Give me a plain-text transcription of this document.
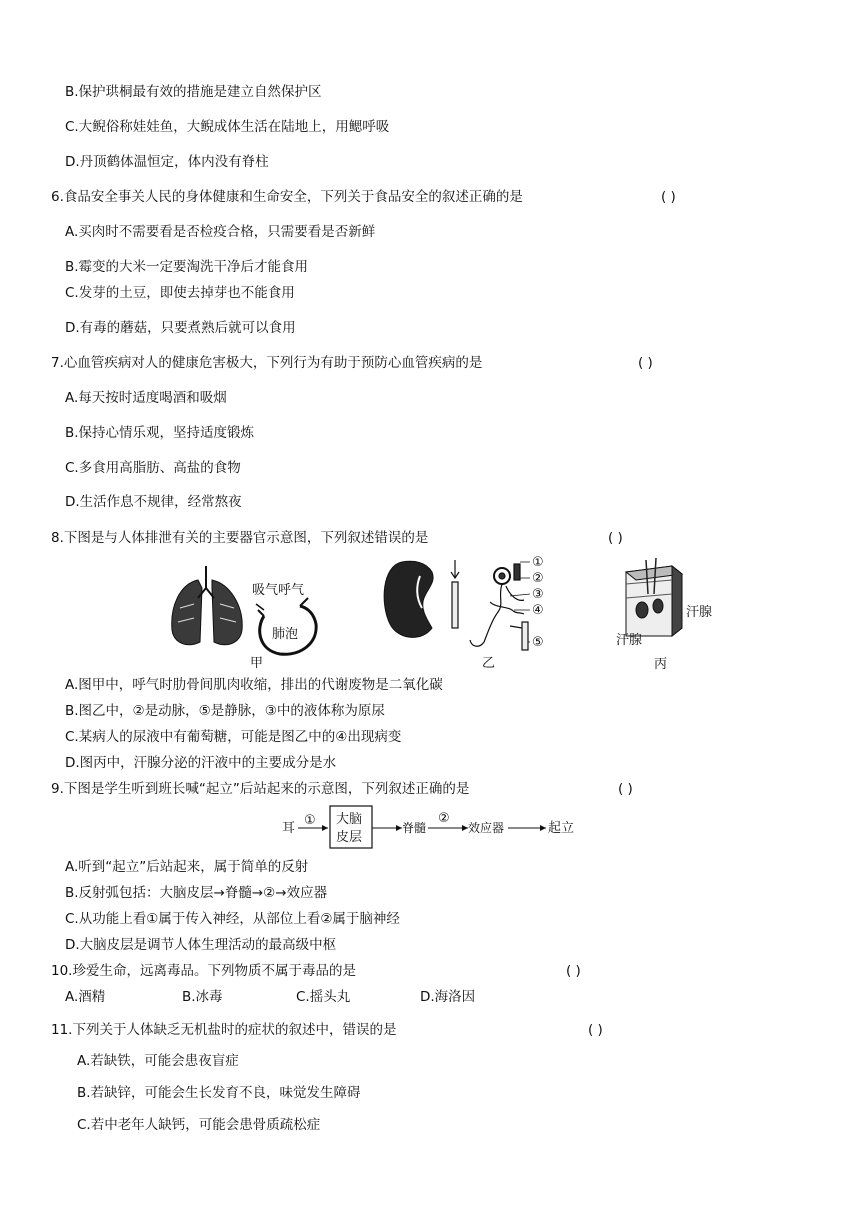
B.保护珙桐最有效的措施是建立自然保护区
C.大鲵俗称娃娃鱼，大鲵成体生活在陆地上，用鳃呼吸
D.丹顶鹤体温恒定，体内没有脊柱
6.食品安全事关人民的身体健康和生命安全，下列关于食品安全的叙述正确的是	( )
A.买肉时不需要看是否检疫合格，只需要看是否新鲜
B.霉变的大米一定要淘洗干净后才能食用
C.发芽的土豆，即使去掉芽也不能食用
D.有毒的蘑菇，只要煮熟后就可以食用
7.心血管疾病对人的健康危害极大，下列行为有助于预防心血管疾病的是	( )
A.每天按时适度喝酒和吸烟
B.保持心情乐观，坚持适度锻炼
C.多食用高脂肪、高盐的食物
D.生活作息不规律，经常熬夜
8.下图是与人体排泄有关的主要器官示意图，下列叙述错误的是	( )
吸气呼气
肺泡
甲
①
②
③
④
⑤
乙
汗腺
汗腺
丙
A.图甲中，呼气时肋骨间肌肉收缩，排出的代谢废物是二氧化碳
B.图乙中，②是动脉，⑤是静脉，③中的液体称为原尿
C.某病人的尿液中有葡萄糖，可能是图乙中的④出现病变
D.图丙中，汗腺分泌的汗液中的主要成分是水
9.下图是学生听到班长喊“起立”后站起来的示意图，下列叙述正确的是	( )
耳
① 大脑
皮层
脊髓
②
效应器	起立
A.听到“起立”后站起来，属于简单的反射
B.反射弧包括：大脑皮层→脊髓→②→效应器
C.从功能上看①属于传入神经，从部位上看②属于脑神经
D.大脑皮层是调节人体生理活动的最高级中枢
10.珍爱生命，远离毒品。下列物质不属于毒品的是	( )
A.酒精	B.冰毒	C.摇头丸	D.海洛因
11.下列关于人体缺乏无机盐时的症状的叙述中，错误的是	( )
A.若缺铁，可能会患夜盲症
B.若缺锌，可能会生长发育不良，味觉发生障碍
C.若中老年人缺钙，可能会患骨质疏松症
